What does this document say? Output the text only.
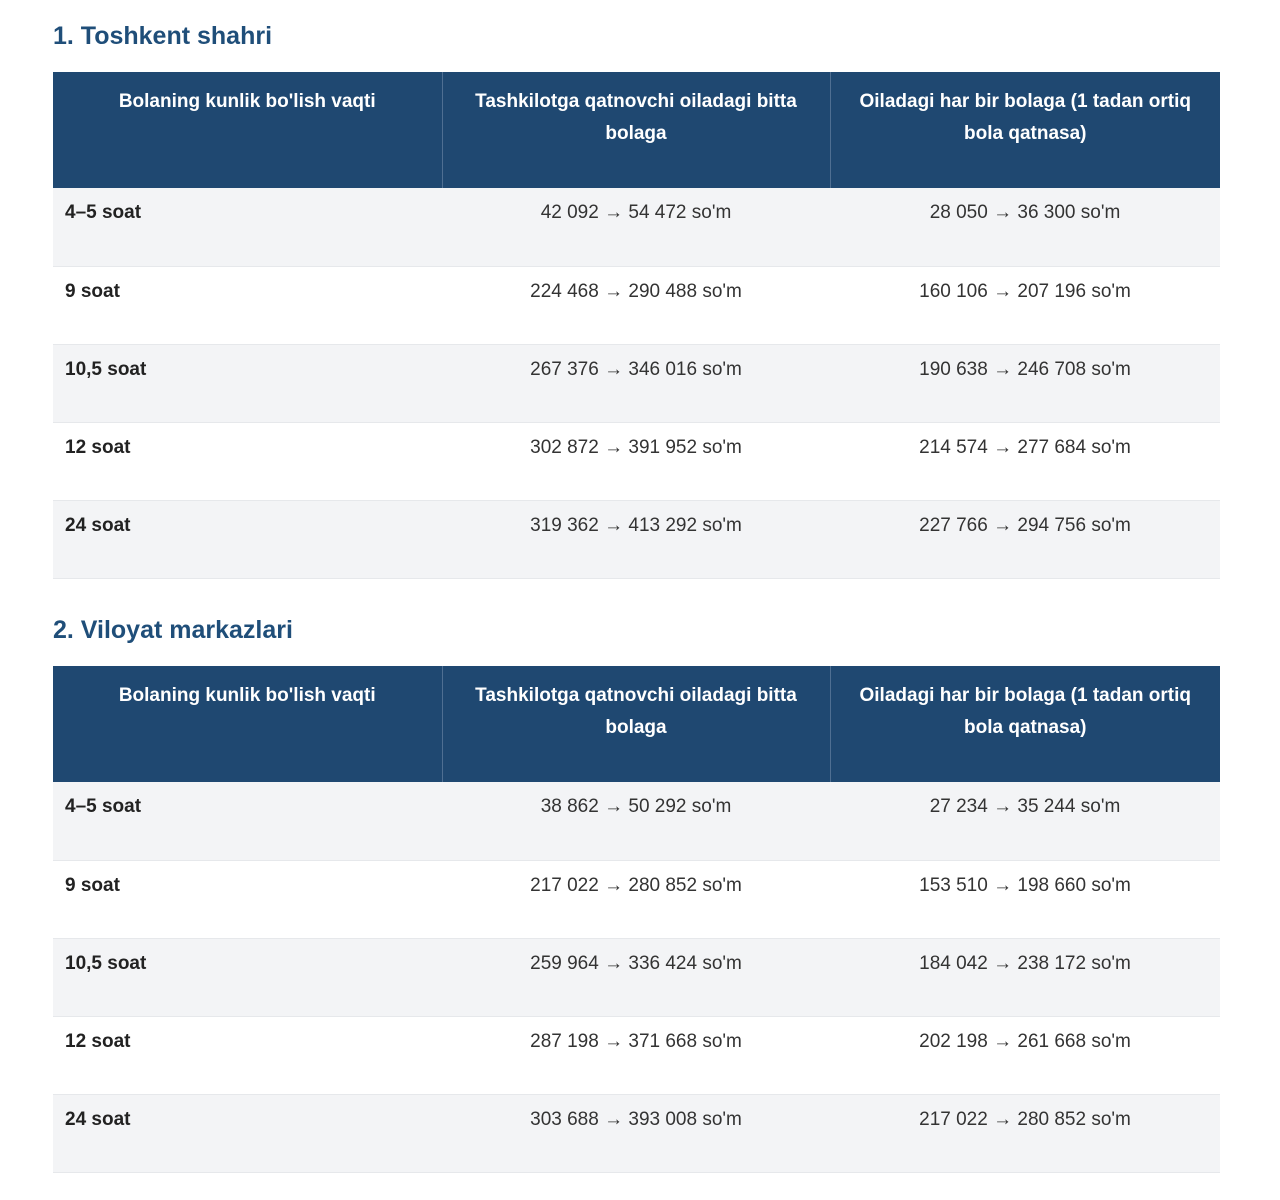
1. Toshkent shahri
Bolaning kunlik bo'lish vaqti	Tashkilotga qatnovchi oiladagi bitta bolaga	Oiladagi har bir bolaga (1 tadan ortiq bola qatnasa)
4–5 soat	42 092 → 54 472 so'm	28 050 → 36 300 so'm
9 soat	224 468 → 290 488 so'm	160 106 → 207 196 so'm
10,5 soat	267 376 → 346 016 so'm	190 638 → 246 708 so'm
12 soat	302 872 → 391 952 so'm	214 574 → 277 684 so'm
24 soat	319 362 → 413 292 so'm	227 766 → 294 756 so'm
2. Viloyat markazlari
Bolaning kunlik bo'lish vaqti	Tashkilotga qatnovchi oiladagi bitta bolaga	Oiladagi har bir bolaga (1 tadan ortiq bola qatnasa)
4–5 soat	38 862 → 50 292 so'm	27 234 → 35 244 so'm
9 soat	217 022 → 280 852 so'm	153 510 → 198 660 so'm
10,5 soat	259 964 → 336 424 so'm	184 042 → 238 172 so'm
12 soat	287 198 → 371 668 so'm	202 198 → 261 668 so'm
24 soat	303 688 → 393 008 so'm	217 022 → 280 852 so'm
